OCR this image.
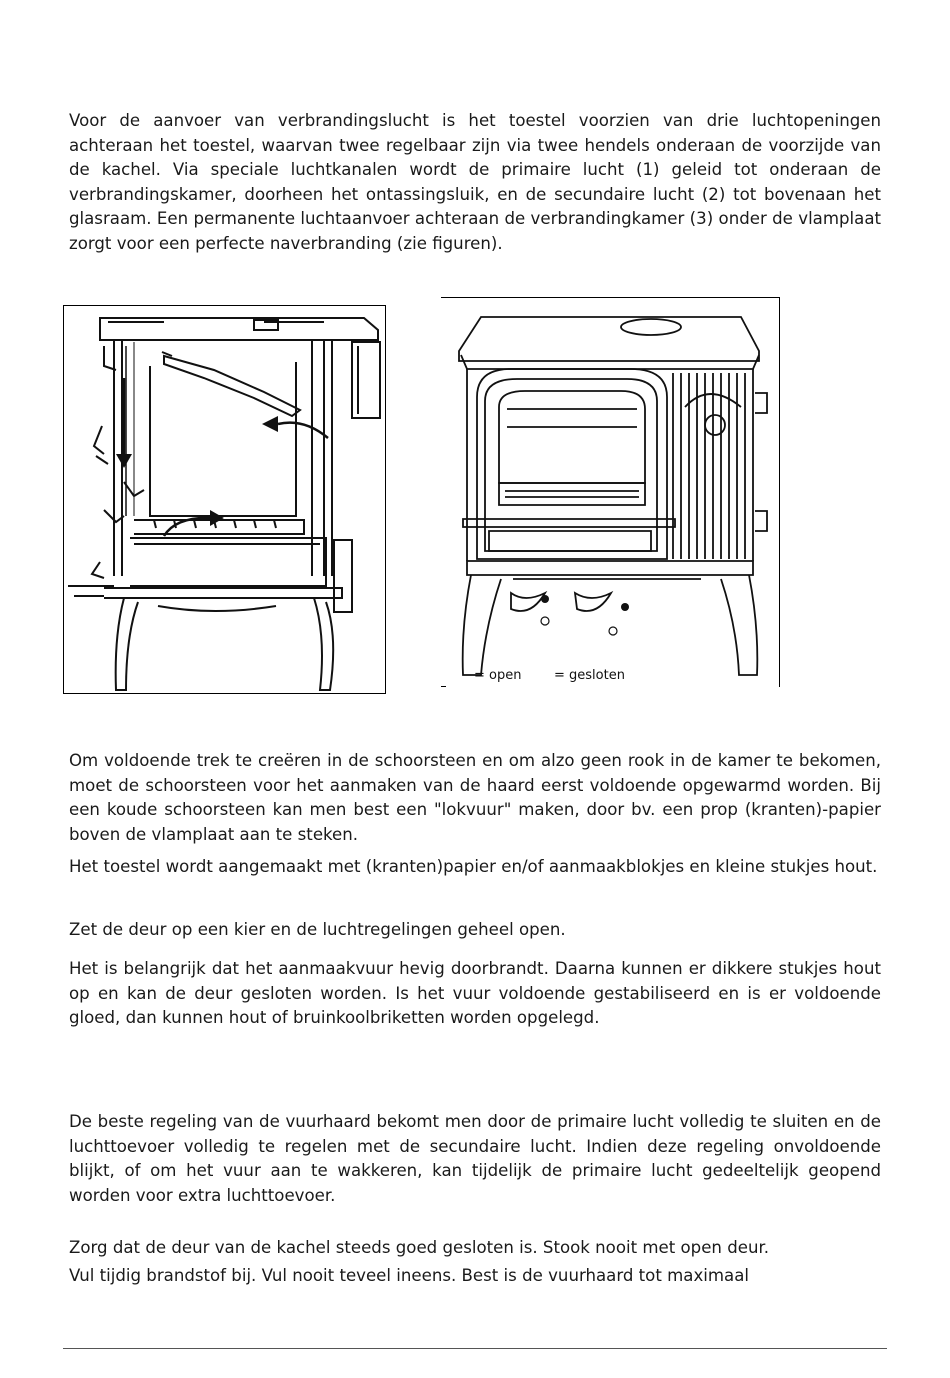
Voor de aanvoer van verbrandingslucht is het toestel voorzien van drie luchtopeningen achteraan het toestel, waarvan twee regelbaar zijn via twee hendels onderaan de voorzijde van de kachel. Via speciale luchtkanalen wordt de primaire lucht (1) geleid tot onderaan de verbrandingskamer, doorheen het ontassingsluik, en de secundaire lucht (2) tot bovenaan het glasraam. Een permanente luchtaanvoer achteraan de verbrandingkamer (3) onder de vlamplaat zorgt voor een perfecte naverbranding (zie figuren).

= open	= gesloten

Om voldoende trek te creëren in de schoorsteen en om alzo geen rook in de kamer te bekomen, moet de schoorsteen voor het aanmaken van de haard eerst voldoende opgewarmd worden. Bij een koude schoorsteen kan men best een "lokvuur" maken, door bv. een prop (kranten)-papier boven de vlamplaat aan te steken.

Het toestel wordt aangemaakt met (kranten)papier en/of aanmaakblokjes en kleine stukjes hout.

Zet de deur op een kier en de luchtregelingen geheel open.

Het is belangrijk dat het aanmaakvuur hevig doorbrandt. Daarna kunnen er dikkere stukjes hout op en kan de deur gesloten worden. Is het vuur voldoende gestabiliseerd en is er voldoende gloed, dan kunnen hout of bruinkoolbriketten worden opgelegd.

De beste regeling van de vuurhaard bekomt men door de primaire lucht volledig te sluiten en de luchttoevoer volledig te regelen met de secundaire lucht. Indien deze regeling onvoldoende blijkt, of om het vuur aan te wakkeren, kan tijdelijk de primaire lucht gedeeltelijk geopend worden voor extra luchttoevoer.

Zorg dat de deur van de kachel steeds goed gesloten is. Stook nooit met open deur.

Vul tijdig brandstof bij. Vul nooit teveel ineens. Best is de vuurhaard tot maximaal
